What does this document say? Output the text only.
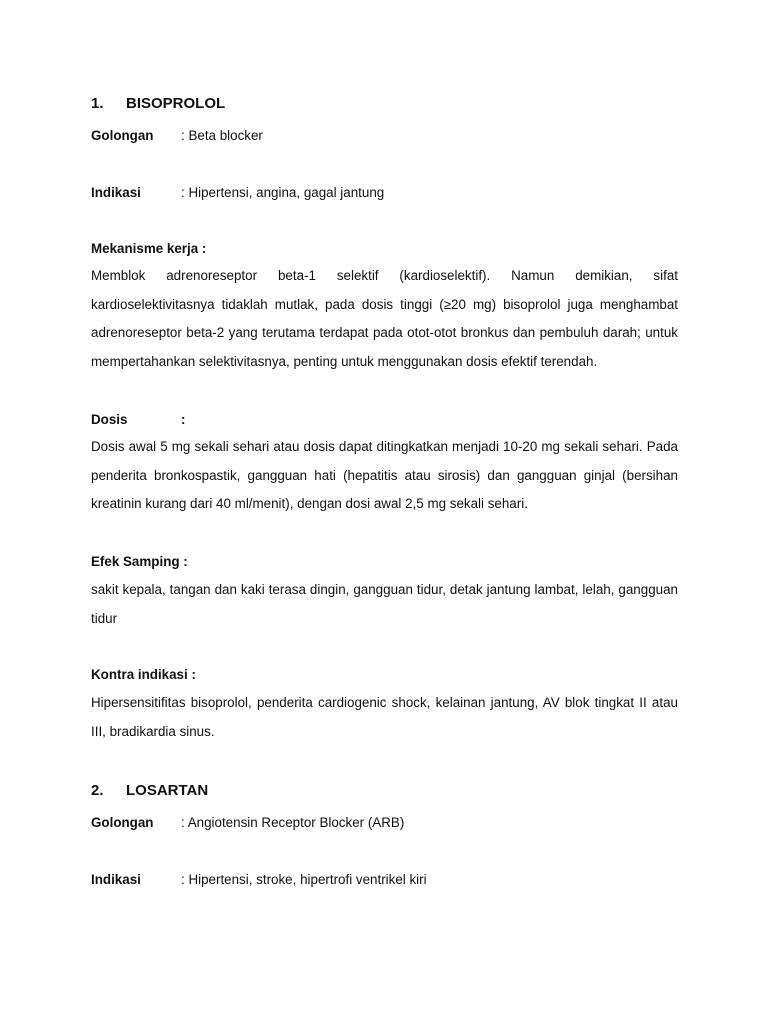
1. BISOPROLOL
Golongan : Beta blocker
Indikasi	: Hipertensi, angina, gagal jantung
Mekanisme kerja :
Memblok adrenoreseptor beta-1 selektif (kardioselektif). Namun demikian, sifat kardioselektivitasnya tidaklah mutlak, pada dosis tinggi (≥20 mg) bisoprolol juga menghambat adrenoreseptor beta-2 yang terutama terdapat pada otot-otot bronkus dan pembuluh darah; untuk mempertahankan selektivitasnya, penting untuk menggunakan dosis efektif terendah.
Dosis	:
Dosis awal 5 mg sekali sehari atau dosis dapat ditingkatkan menjadi 10-20 mg sekali sehari. Pada penderita bronkospastik, gangguan hati (hepatitis atau sirosis) dan gangguan ginjal (bersihan kreatinin kurang dari 40 ml/menit), dengan dosi awal 2,5 mg sekali sehari.
Efek Samping :
sakit kepala, tangan dan kaki terasa dingin, gangguan tidur, detak jantung lambat, lelah, gangguan tidur
Kontra indikasi :
Hipersensitifitas bisoprolol, penderita cardiogenic shock, kelainan jantung, AV blok tingkat II atau III, bradikardia sinus.
2. LOSARTAN
Golongan : Angiotensin Receptor Blocker (ARB)
Indikasi	: Hipertensi, stroke, hipertrofi ventrikel kiri
